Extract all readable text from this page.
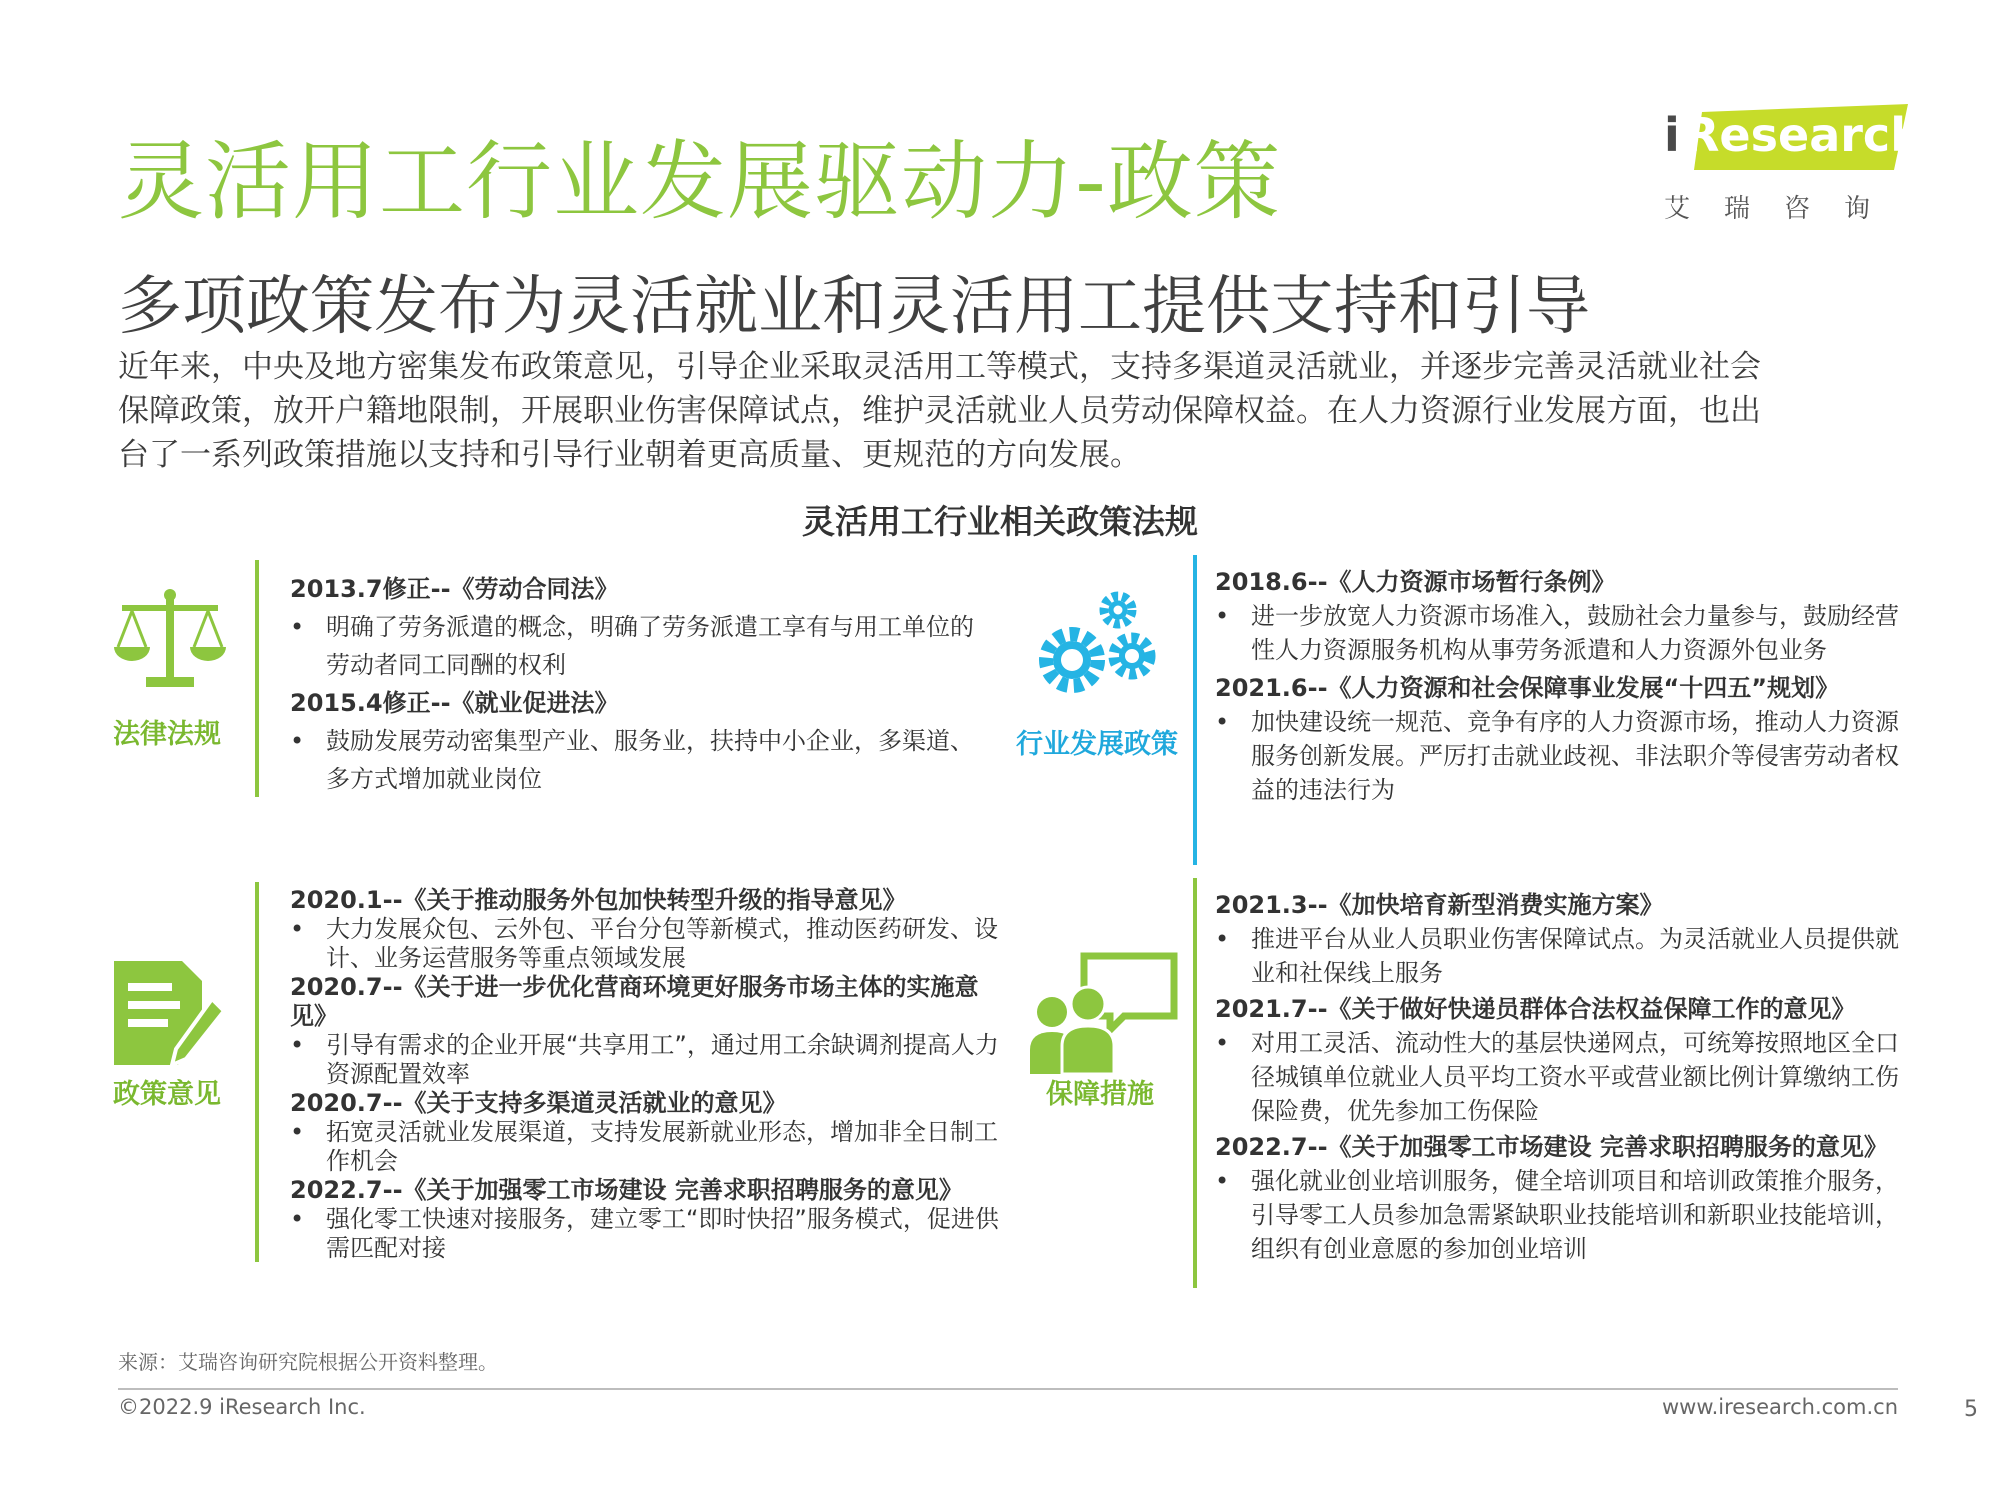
灵活用工行业发展驱动力-政策
多项政策发布为灵活就业和灵活用工提供支持和引导

近年来，中央及地方密集发布政策意见，引导企业采取灵活用工等模式，支持多渠道灵活就业，并逐步完善灵活就业社会

保障政策，放开户籍地限制，开展职业伤害保障试点，维护灵活就业人员劳动保障权益。在人力资源行业发展方面，也出

台了一系列政策措施以支持和引导行业朝着更高质量、更规范的方向发展。

i Research
艾瑞咨询
灵活用工行业相关政策法规
法律法规

2013.7修正--《劳动合同法》

• 明确了劳务派遣的概念，明确了劳务派遣工享有与用工单位的劳动者同工同酬的权利

2015.4修正--《就业促进法》

• 鼓励发展劳动密集型产业、服务业，扶持中小企业，多渠道、多方式增加就业岗位

行业发展政策

2018.6--《人力资源市场暂行条例》

• 进一步放宽人力资源市场准入，鼓励社会力量参与，鼓励经营性人力资源服务机构从事劳务派遣和人力资源外包业务

2021.6--《人力资源和社会保障事业发展“十四五”规划》

• 加快建设统一规范、竞争有序的人力资源市场，推动人力资源服务创新发展。严厉打击就业歧视、非法职介等侵害劳动者权益的违法行为

政策意见

2020.1--《关于推动服务外包加快转型升级的指导意见》

• 大力发展众包、云外包、平台分包等新模式，推动医药研发、设计、业务运营服务等重点领域发展

2020.7--《关于进一步优化营商环境更好服务市场主体的实施意见》

• 引导有需求的企业开展“共享用工”，通过用工余缺调剂提高人力资源配置效率

2020.7--《关于支持多渠道灵活就业的意见》

• 拓宽灵活就业发展渠道，支持发展新就业形态，增加非全日制工作机会

2022.7--《关于加强零工市场建设 完善求职招聘服务的意见》

• 强化零工快速对接服务，建立零工“即时快招”服务模式，促进供需匹配对接

保障措施

2021.3--《加快培育新型消费实施方案》

• 推进平台从业人员职业伤害保障试点。为灵活就业人员提供就业和社保线上服务

2021.7--《关于做好快递员群体合法权益保障工作的意见》

• 对用工灵活、流动性大的基层快递网点，可统筹按照地区全口径城镇单位就业人员平均工资水平或营业额比例计算缴纳工伤保险费，优先参加工伤保险

2022.7--《关于加强零工市场建设 完善求职招聘服务的意见》

• 强化就业创业培训服务，健全培训项目和培训政策推介服务，引导零工人员参加急需紧缺职业技能培训和新职业技能培训，组织有创业意愿的参加创业培训

来源：艾瑞咨询研究院根据公开资料整理。
©2022.9 iResearch Inc.	www.iresearch.com.cn	5
